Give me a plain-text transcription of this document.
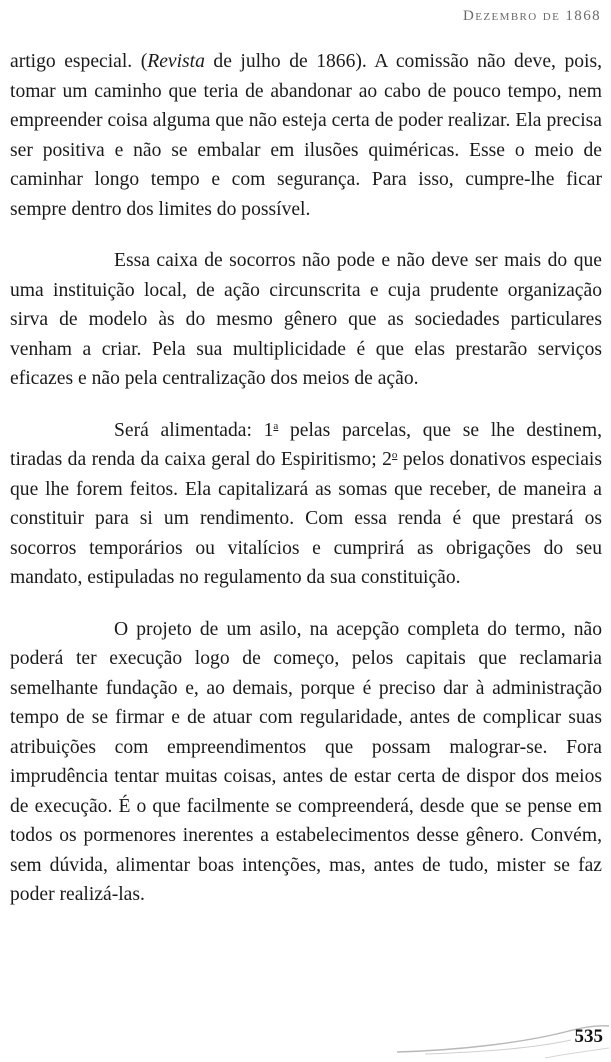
Dezembro de 1868

artigo especial. (Revista de julho de 1866). A comissão não deve, pois, tomar um caminho que teria de abandonar ao cabo de pouco tempo, nem empreender coisa alguma que não esteja certa de poder realizar. Ela precisa ser positiva e não se embalar em ilusões quiméricas. Esse o meio de caminhar longo tempo e com segurança. Para isso, cumpre-lhe ficar sempre dentro dos limites do possível.

Essa caixa de socorros não pode e não deve ser mais do que uma instituição local, de ação circunscrita e cuja prudente organização sirva de modelo às do mesmo gênero que as sociedades particulares venham a criar. Pela sua multiplicidade é que elas prestarão serviços eficazes e não pela centralização dos meios de ação.

Será alimentada: 1$^a$ pelas parcelas, que se lhe destinem, tiradas da renda da caixa geral do Espiritismo; 2$^o$ pelos donativos especiais que lhe forem feitos. Ela capitalizará as somas que receber, de maneira a constituir para si um rendimento. Com essa renda é que prestará os socorros temporários ou vitalícios e cumprirá as obrigações do seu mandato, estipuladas no regulamento da sua constituição.

O projeto de um asilo, na acepção completa do termo, não poderá ter execução logo de começo, pelos capitais que reclamaria semelhante fundação e, ao demais, porque é preciso dar à administração tempo de se firmar e de atuar com regularidade, antes de complicar suas atribuições com empreendimentos que possam malograr-se. Fora imprudência tentar muitas coisas, antes de estar certa de dispor dos meios de execução. É o que facilmente se compreenderá, desde que se pense em todos os pormenores inerentes a estabelecimentos desse gênero. Convém, sem dúvida, alimentar boas intenções, mas, antes de tudo, mister se faz poder realizá-las.

535
